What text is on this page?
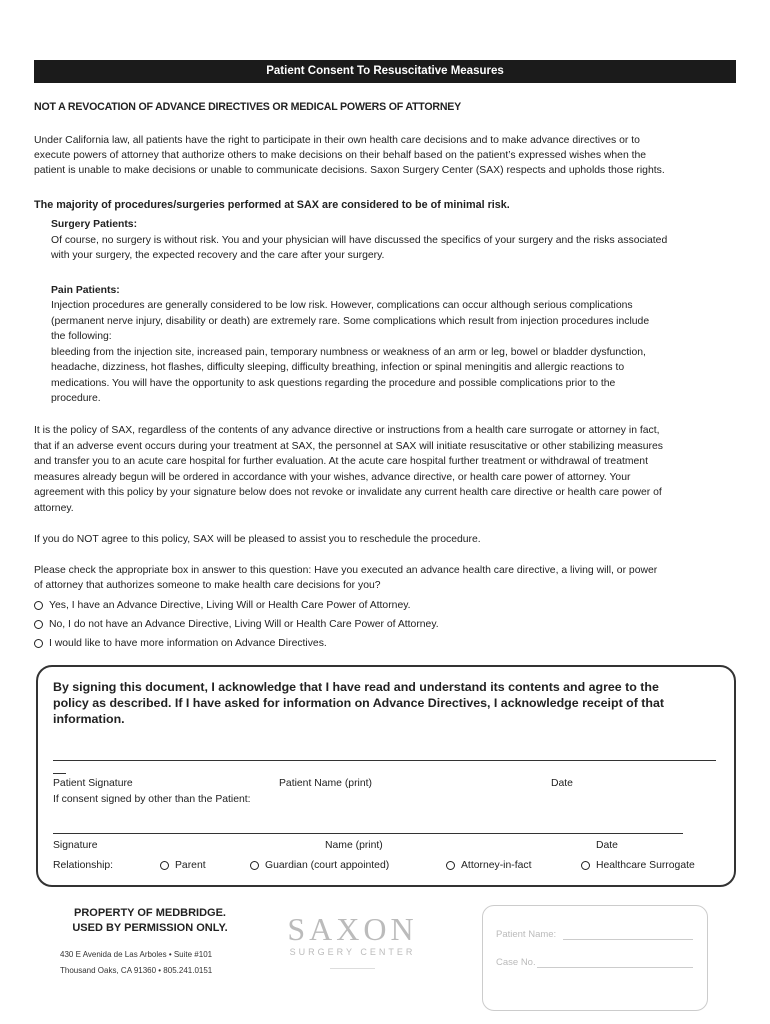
Patient Consent To Resuscitative Measures
NOT A REVOCATION OF ADVANCE DIRECTIVES OR MEDICAL POWERS OF ATTORNEY
Under California law, all patients have the right to participate in their own health care decisions and to make advance directives or to
execute powers of attorney that authorize others to make decisions on their behalf based on the patient’s expressed wishes when the
patient is unable to make decisions or unable to communicate decisions. Saxon Surgery Center (SAX) respects and upholds those rights.
The majority of procedures/surgeries performed at SAX are considered to be of minimal risk.
Surgery Patients:
Of course, no surgery is without risk. You and your physician will have discussed the specifics of your surgery and the risks associated
with your surgery, the expected recovery and the care after your surgery.
Pain Patients:
Injection procedures are generally considered to be low risk. However, complications can occur although serious complications
(permanent nerve injury, disability or death) are extremely rare. Some complications which result from injection procedures include
the following:
bleeding from the injection site, increased pain, temporary numbness or weakness of an arm or leg, bowel or bladder dysfunction,
headache, dizziness, hot flashes, difficulty sleeping, difficulty breathing, infection or spinal meningitis and allergic reactions to
medications. You will have the opportunity to ask questions regarding the procedure and possible complications prior to the
procedure.
It is the policy of SAX, regardless of the contents of any advance directive or instructions from a health care surrogate or attorney in fact,
that if an adverse event occurs during your treatment at SAX, the personnel at SAX will initiate resuscitative or other stabilizing measures
and transfer you to an acute care hospital for further evaluation. At the acute care hospital further treatment or withdrawal of treatment
measures already begun will be ordered in accordance with your wishes, advance directive, or health care power of attorney. Your
agreement with this policy by your signature below does not revoke or invalidate any current health care directive or health care power of
attorney.
If you do NOT agree to this policy, SAX will be pleased to assist you to reschedule the procedure.
Please check the appropriate box in answer to this question: Have you executed an advance health care directive, a living will, or power
of attorney that authorizes someone to make health care decisions for you?
Yes, I have an Advance Directive, Living Will or Health Care Power of Attorney.
No, I do not have an Advance Directive, Living Will or Health Care Power of Attorney.
I would like to have more information on Advance Directives.
By signing this document, I acknowledge that I have read and understand its contents and agree to the
policy as described. If I have asked for information on Advance Directives, I acknowledge receipt of that
information.
Patient Signature	Patient Name (print)	Date
If consent signed by other than the Patient:
Signature	Name (print)	Date
Relationship:	Parent	Guardian (court appointed)	Attorney-in-fact	Healthcare Surrogate
PROPERTY OF MEDBRIDGE.
USED BY PERMISSION ONLY.
430 E Avenida de Las Arboles • Suite #101
Thousand Oaks, CA 91360 • 805.241.0151
SAXON
SURGERY CENTER
Patient Name:
Case No.
